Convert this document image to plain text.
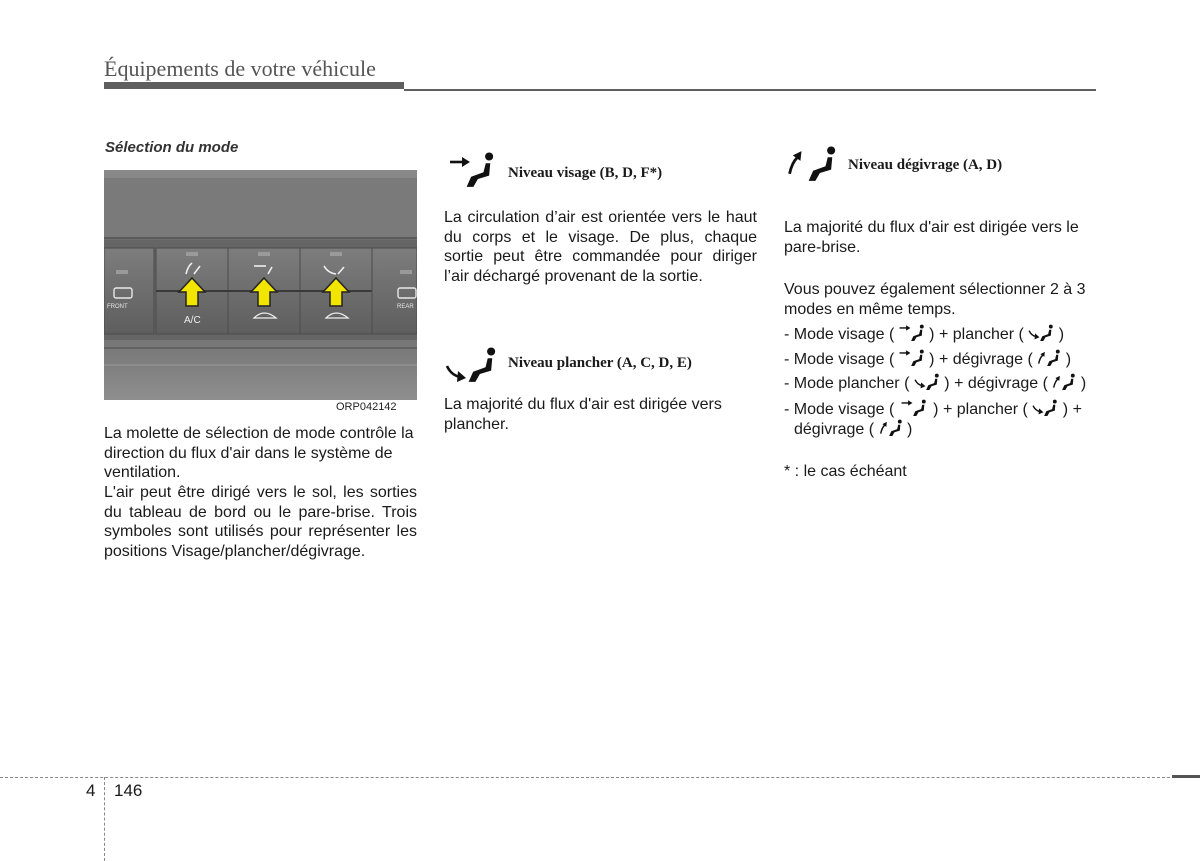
Équipements de votre véhicule
Sélection du mode
FRONT
A/C
REAR
ORP042142
La molette de sélection de mode contrôle la direction du flux d'air dans le système de ventilation.
L'air peut être dirigé vers le sol, les sorties du tableau de bord ou le pare-brise. Trois symboles sont utilisés pour représenter les positions Visage/plancher/dégivrage.
Niveau visage (B, D, F*)
La circulation d’air est orientée vers le haut du corps et le visage. De plus, chaque sortie peut être commandée pour diriger l’air déchargé provenant de la sortie.
Niveau plancher (A, C, D, E)
La majorité du flux d'air est dirigée vers plancher.
Niveau dégivrage (A, D)
La majorité du flux d'air est dirigée vers le pare-brise.
Vous pouvez également sélectionner 2 à 3 modes en même temps.
- Mode visage ( ) + plancher ( )
- Mode visage ( ) + dégivrage ( )
- Mode plancher ( ) + dégivrage ( )
- Mode visage ( ) + plancher ( ) +
dégivrage ( )
* : le cas échéant
4 146
